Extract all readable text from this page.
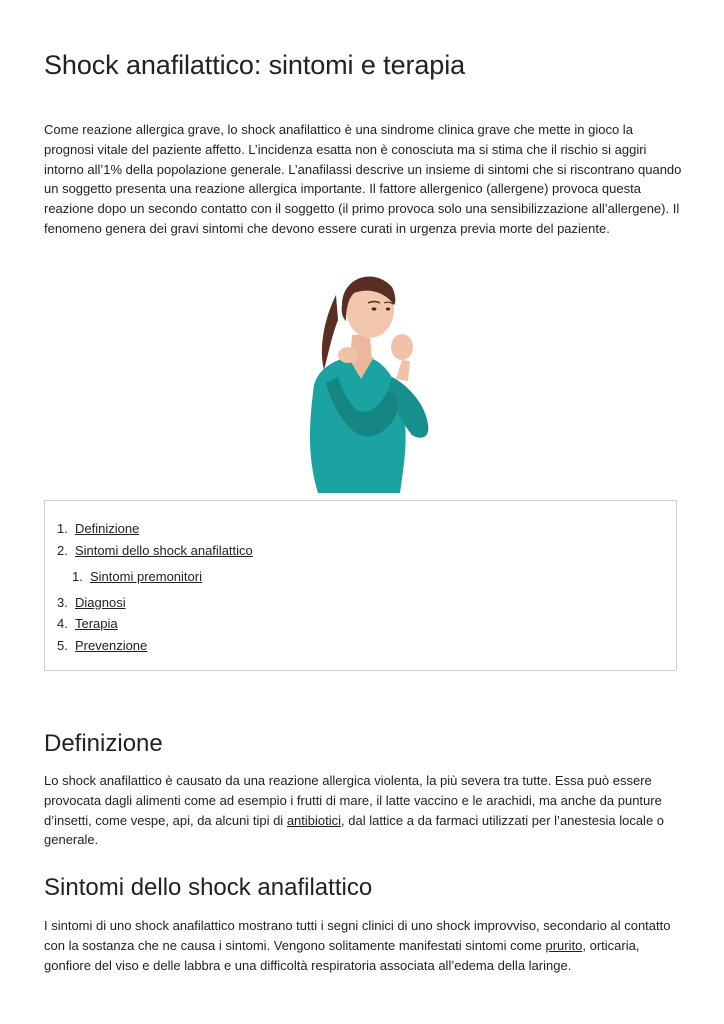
Shock anafilattico: sintomi e terapia

Come reazione allergica grave, lo shock anafilattico è una sindrome clinica grave che mette in gioco la prognosi vitale del paziente affetto. L’incidenza esatta non è conosciuta ma si stima che il rischio si aggiri intorno all’1% della popolazione generale. L’anafilassi descrive un insieme di sintomi che si riscontrano quando un soggetto presenta una reazione allergica importante. Il fattore allergenico (allergene) provoca questa reazione dopo un secondo contatto con il soggetto (il primo provoca solo una sensibilizzazione all’allergene). Il fenomeno genera dei gravi sintomi che devono essere curati in urgenza previa morte del paziente.

1. Definizione
2. Sintomi dello shock anafilattico
1. Sintomi premonitori
3. Diagnosi
4. Terapia
5. Prevenzione
Definizione

Lo shock anafilattico è causato da una reazione allergica violenta, la più severa tra tutte. Essa può essere provocata dagli alimenti come ad esempio i frutti di mare, il latte vaccino e le arachidi, ma anche da punture d’insetti, come vespe, api, da alcuni tipi di antibiotici, dal lattice a da farmaci utilizzati per l’anestesia locale o generale.

Sintomi dello shock anafilattico

I sintomi di uno shock anafilattico mostrano tutti i segni clinici di uno shock improvviso, secondario al contatto con la sostanza che ne causa i sintomi. Vengono solitamente manifestati sintomi come prurito, orticaria, gonfiore del viso e delle labbra e una difficoltà respiratoria associata all’edema della laringe.
